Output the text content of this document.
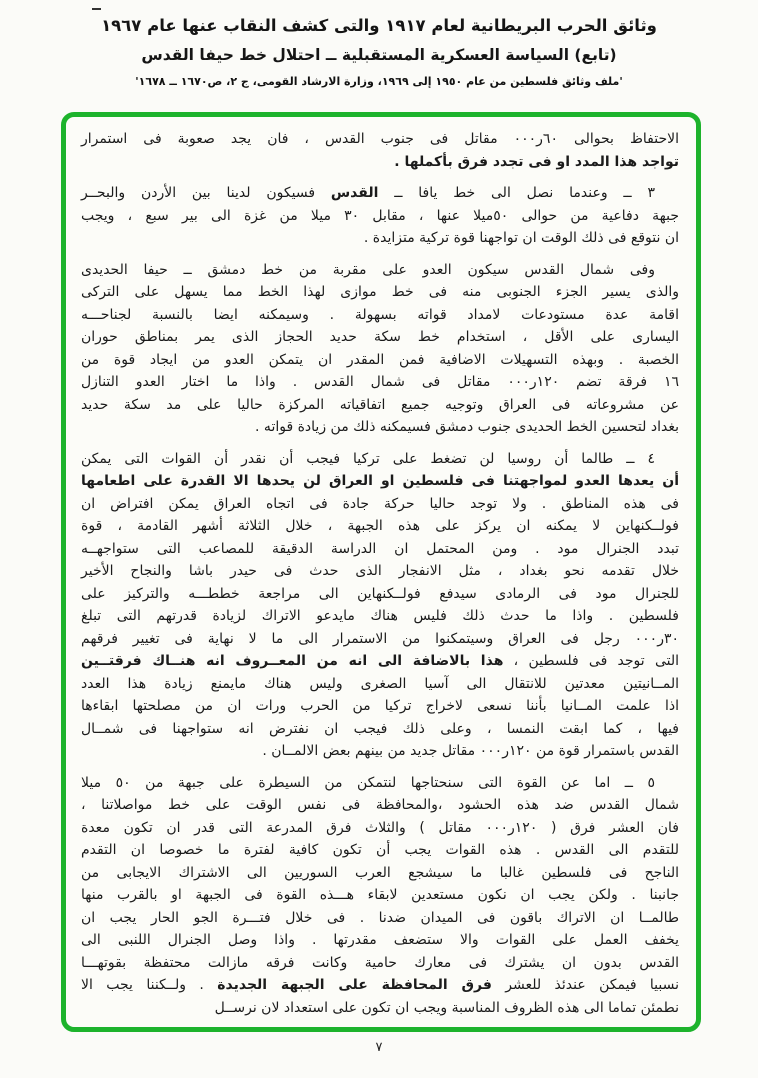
وثائق الحرب البريطانية لعام ١٩١٧ والتى كشف النقاب عنها عام ١٩٦٧
(تابع) السياسة العسكرية المستقبلية ــ احتلال خط حيفا القدس
'ملف وثائق فلسطين من عام ١٩٥٠ إلى ١٩٦٩، وزارة الارشاد القومى، ج ٢، ص١٦٧٠ ــ ١٦٧٨'
الاحتفاظ بحوالى ٦٠ر٠٠٠ مقاتل فى جنوب القدس ، فان يجد صعوبة فى استمرار
تواجد هذا المدد او فى تجدد فرق بأكملها .
٣ ــ وعندما نصل الى خط يافا ــ القدس فسيكون لدينا بين الأردن والبحــر
جبهة دفاعية من حوالى ٥٠ميلا عنها ، مقابل ٣٠ ميلا من غزة الى بير سبع ، ويجب
ان نتوقع فى ذلك الوقت ان تواجهنا قوة تركية متزايدة .
وفى شمال القدس سيكون العدو على مقربة من خط دمشق ــ حيفا الحديدى
والذى يسير الجزء الجنوبى منه فى خط موازى لهذا الخط مما يسهل على التركى
اقامة عدة مستودعات لامداد قواته بسهولة . وسيمكنه ايضا بالنسبة لجناحـــه
اليسارى على الأقل ، استخدام خط سكة حديد الحجاز الذى يمر بمناطق حوران
الخصبة . وبهذه التسهيلات الاضافية فمن المقدر ان يتمكن العدو من ايجاد قوة من
١٦ فرقة تضم ١٢٠ر٠٠٠ مقاتل فى شمال القدس . واذا ما اختار العدو التنازل
عن مشروعاته فى العراق وتوجيه جميع اتفاقياته المركزة حاليا على مد سكة حديد
بغداد لتحسين الخط الحديدى جنوب دمشق فسيمكنه ذلك من زيادة قواته .
٤ ــ طالما أن روسيا لن تضغط على تركيا فيجب أن نقدر أن القوات التى يمكن
أن يعدها العدو لمواجهتنا فى فلسطين او العراق لن يحدها الا القدرة على اطعامها
فى هذه المناطق . ولا توجد حاليا حركة جادة فى اتجاه العراق يمكن افتراض ان
فولــكنهاين لا يمكنه ان يركز على هذه الجبهة ، خلال الثلاثة أشهر القادمة ، قوة
تبدد الجنرال مود . ومن المحتمل ان الدراسة الدقيقة للمصاعب التى ستواجهــه
خلال تقدمه نحو بغداد ، مثل الانفجار الذى حدث فى حيدر باشا والنجاح الأخير
للجنرال مود فى الرمادى سيدفع فولــكنهاين الى مراجعة خططـــه والتركيز على
فلسطين . واذا ما حدث ذلك فليس هناك مايدعو الاتراك لزيادة قدرتهم التى تبلغ
٣٠ر٠٠٠ رجل فى العراق وسيتمكنوا من الاستمرار الى ما لا نهاية فى تغيير فرقهم
التى توجد فى فلسطين ، هذا بالاضافة الى انه من المعــروف انه هنــاك فرقتــين
المــانيتين معدتين للانتقال الى آسيا الصغرى وليس هناك مايمنع زيادة هذا العدد
اذا علمت المــانيا بأننا نسعى لاخراج تركيا من الحرب ورات ان من مصلحتها ابقاءها
فيها ، كما ابقت النمسا ، وعلى ذلك فيجب ان نفترض انه ستواجهنا فى شمــال
القدس باستمرار قوة من ١٢٠ر٠٠٠ مقاتل جديد من بينهم بعض الالمــان .
٥ ــ اما عن القوة التى سنحتاجها لنتمكن من السيطرة على جبهة من ٥٠ ميلا
شمال القدس ضد هذه الحشود ،والمحافظة فى نفس الوقت على خط مواصلاتنا ،
فان العشر فرق ( ١٢٠ر٠٠٠ مقاتل ) والثلاث فرق المدرعة التى قدر ان تكون معدة
للتقدم الى القدس . هذه القوات يجب أن تكون كافية لفترة ما خصوصا ان التقدم
الناجح فى فلسطين غالبا ما سيشجع العرب السوريين الى الاشتراك الايجابى من
جانبنا . ولكن يجب ان نكون مستعدين لابقاء هـــذه القوة فى الجبهة او بالقرب منها
طالمــا ان الاتراك باقون فى الميدان ضدنا . فى خلال فتـــرة الجو الحار يجب ان
يخفف العمل على القوات والا ستضعف مقدرتها . واذا وصل الجنرال اللنبى الى
القدس بدون ان يشترك فى معارك حامية وكانت فرقه مازالت محتفظة بقوتهـــا
نسبيا فيمكن عندئذ للعشر فرق المحافظة على الجبهة الجديدة . ولــكننا يجب الا
نطمئن تماما الى هذه الظروف المناسبة ويجب ان تكون على استعداد لان نرســل
٧
